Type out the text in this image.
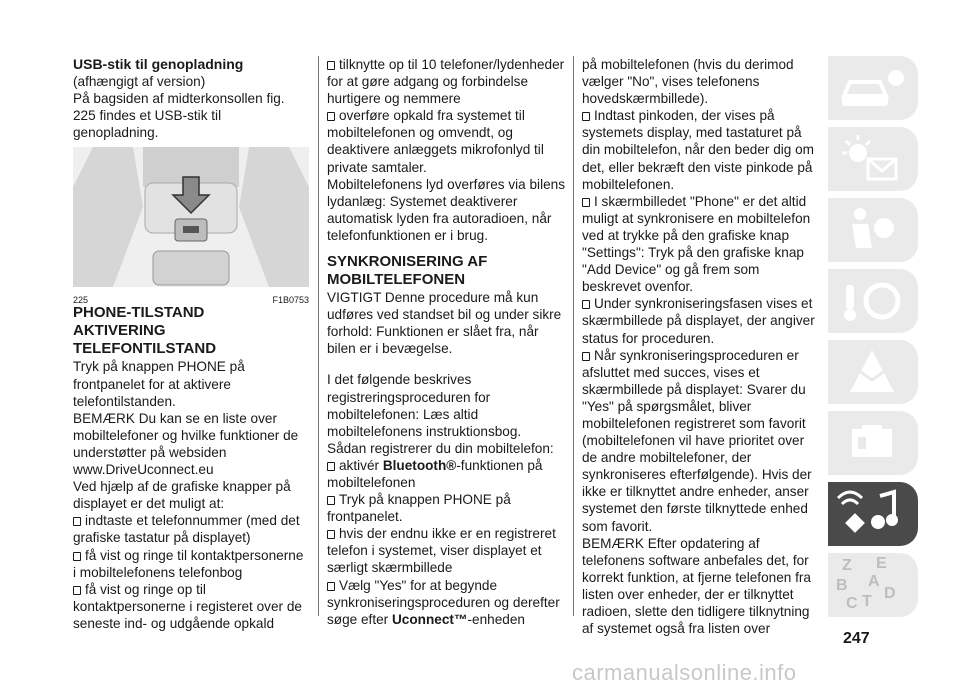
USB-stik til genopladning

(afhængigt af version)

På bagsiden af midterkonsollen fig. 225 findes et USB-stik til genopladning.

225	F1B0753

PHONE-TILSTAND

AKTIVERING TELEFONTILSTAND

Tryk på knappen PHONE på frontpanelet for at aktivere telefontilstanden.

BEMÆRK Du kan se en liste over mobiltelefoner og hvilke funktioner de understøtter på websiden www.DriveUconnect.eu

Ved hjælp af de grafiske knapper på displayet er det muligt at:

indtaste et telefonnummer (med det grafiske tastatur på displayet)

få vist og ringe til kontaktpersonerne i mobiltelefonens telefonbog

få vist og ringe op til kontaktpersonerne i registeret over de seneste ind- og udgående opkald

tilknytte op til 10 telefoner/lydenheder for at gøre adgang og forbindelse hurtigere og nemmere

overføre opkald fra systemet til mobiltelefonen og omvendt, og deaktivere anlæggets mikrofonlyd til private samtaler.

Mobiltelefonens lyd overføres via bilens lydanlæg: Systemet deaktiverer automatisk lyden fra autoradioen, når telefonfunktionen er i brug.

SYNKRONISERING AF MOBILTELEFONEN

VIGTIGT Denne procedure må kun udføres ved standset bil og under sikre forhold: Funktionen er slået fra, når bilen er i bevægelse.

I det følgende beskrives registreringsproceduren for mobiltelefonen: Læs altid mobiltelefonens instruktionsbog.

Sådan registrerer du din mobiltelefon:

aktivér Bluetooth®-funktionen på mobiltelefonen

Tryk på knappen PHONE på frontpanelet.

hvis der endnu ikke er en registreret telefon i systemet, viser displayet et særligt skærmbillede

Vælg "Yes" for at begynde synkroniseringsproceduren og derefter søge efter Uconnect™-enheden

på mobiltelefonen (hvis du derimod vælger "No", vises telefonens hovedskærmbillede).

Indtast pinkoden, der vises på systemets display, med tastaturet på din mobiltelefon, når den beder dig om det, eller bekræft den viste pinkode på mobiltelefonen.

I skærmbilledet "Phone" er det altid muligt at synkronisere en mobiltelefon ved at trykke på den grafiske knap "Settings": Tryk på den grafiske knap "Add Device" og gå frem som beskrevet ovenfor.

Under synkroniseringsfasen vises et skærmbillede på displayet, der angiver status for proceduren.

Når synkroniseringsproceduren er afsluttet med succes, vises et skærmbillede på displayet: Svarer du "Yes" på spørgsmålet, bliver mobiltelefonen registreret som favorit (mobiltelefonen vil have prioritet over de andre mobiltelefoner, der synkroniseres efterfølgende). Hvis der ikke er tilknyttet andre enheder, anser systemet den første tilknyttede enhed som favorit.

BEMÆRK Efter opdatering af telefonens software anbefales det, for korrekt funktion, at fjerne telefonen fra listen over enheder, der er tilknyttet radioen, slette den tidligere tilknytning af systemet også fra listen over

Z E
B A
C T D
247
carmanualsonline.info
